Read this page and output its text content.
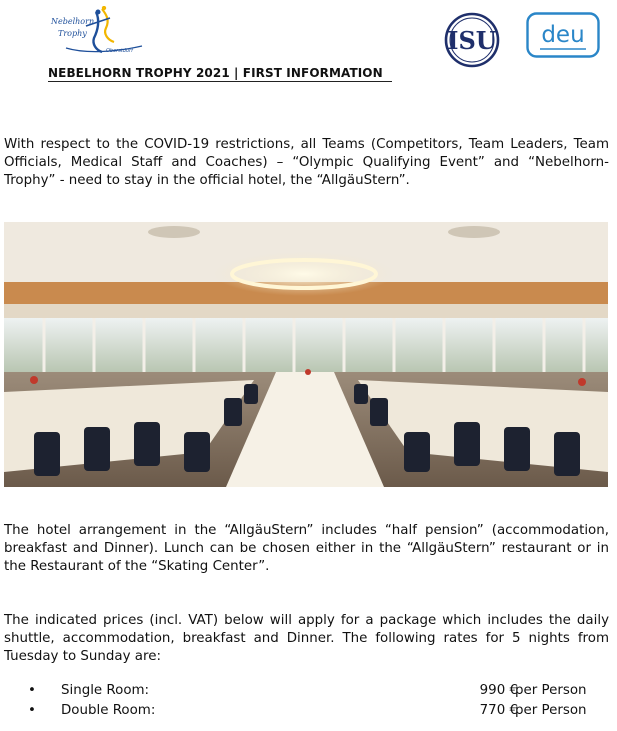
Nebelhorn
Trophy
Oberstdorf	ISU deu
NEBELHORN TROPHY 2021 | FIRST INFORMATION

With respect to the COVID-19 restrictions, all Teams (Competitors, Team Leaders, Team Officials, Medical Staff and Coaches) – “Olympic Qualifying Event” and “Nebelhorn-Trophy” - need to stay in the official hotel, the “AllgäuStern”.

The hotel arrangement in the “AllgäuStern” includes “half pension” (accommodation, breakfast and Dinner). Lunch can be chosen either in the “AllgäuStern” restaurant or in the Restaurant of the “Skating Center”.

The indicated prices (incl. VAT) below will apply for a package which includes the daily shuttle, accommodation, breakfast and Dinner. The following rates for 5 nights from Tuesday to Sunday are:

• Single Room:	990 €
per Person
• Double Room:	770 €
per Person
